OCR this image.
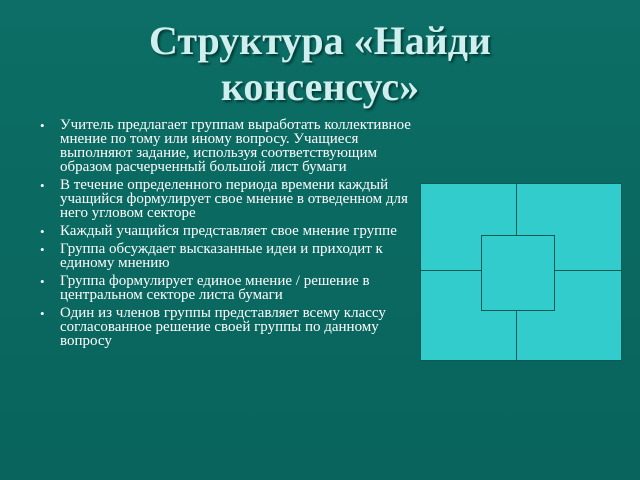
Структура «Найди
консенсус»
• Учитель предлагает группам выработать коллективное мнение по тому или иному вопросу. Учащиеся выполняют задание, используя соответствующим образом расчерченный большой лист бумаги
• В течение определенного периода времени каждый учащийся формулирует свое мнение в отведенном для него угловом секторе
• Каждый учащийся представляет свое мнение группе
• Группа обсуждает высказанные идеи и приходит к единому мнению
• Группа формулирует единое мнение / решение в центральном секторе листа бумаги
• Один из членов группы представляет всему классу согласованное решение своей группы по данному вопросу
